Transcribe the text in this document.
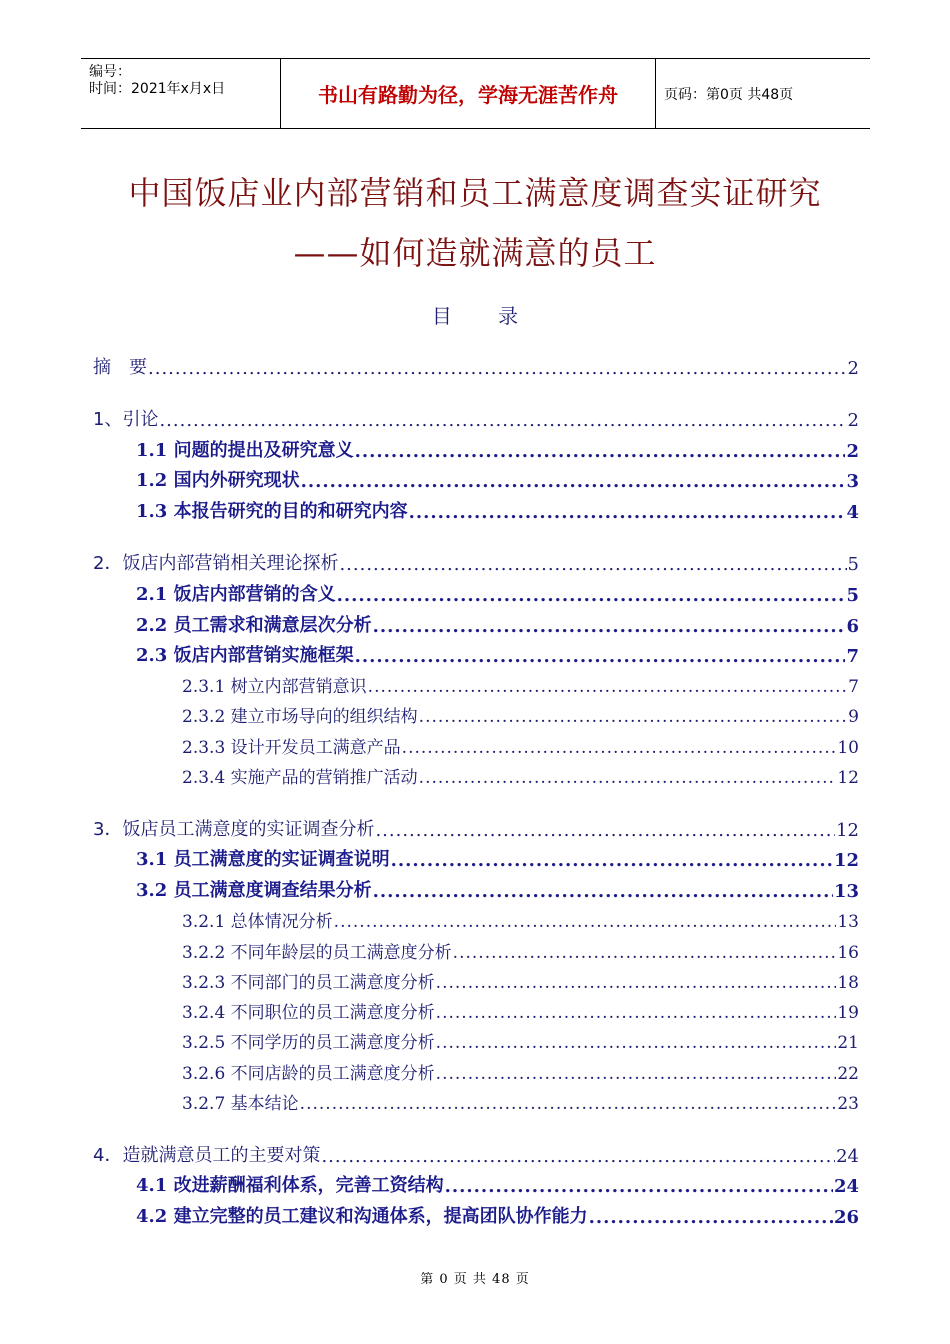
编号：
时间：2021年x月x日	书山有路勤为径，学海无涯苦作舟	页码：第0页 共48页
中国饭店业内部营销和员工满意度调查实证研究
——如何造就满意的员工
目 录
摘　要 .....	2
1、引论 .....	2
1.1 问题的提出及研究意义 .....	2
1.2 国内外研究现状 .....	3
1.3 本报告研究的目的和研究内容 .....	4
2．饭店内部营销相关理论探析 .....	5
2.1 饭店内部营销的含义 .....	5
2.2 员工需求和满意层次分析 .....	6
2.3 饭店内部营销实施框架 .....	7
2.3.1 树立内部营销意识 .....	7
2.3.2 建立市场导向的组织结构 .....	9
2.3.3 设计开发员工满意产品 .....	10
2.3.4 实施产品的营销推广活动 .....	12
3．饭店员工满意度的实证调查分析 .....	12
3.1 员工满意度的实证调查说明 .....	12
3.2 员工满意度调查结果分析 .....	13
3.2.1 总体情况分析 .....	13
3.2.2 不同年龄层的员工满意度分析 .....	16
3.2.3 不同部门的员工满意度分析 .....	18
3.2.4 不同职位的员工满意度分析 .....	19
3.2.5 不同学历的员工满意度分析 .....	21
3.2.6 不同店龄的员工满意度分析 .....	22
3.2.7 基本结论 .....	23
4．造就满意员工的主要对策 .....	24
4.1 改进薪酬福利体系，完善工资结构 .....	24
4.2 建立完整的员工建议和沟通体系，提高团队协作能力 .....	26
第 0 页 共 48 页
